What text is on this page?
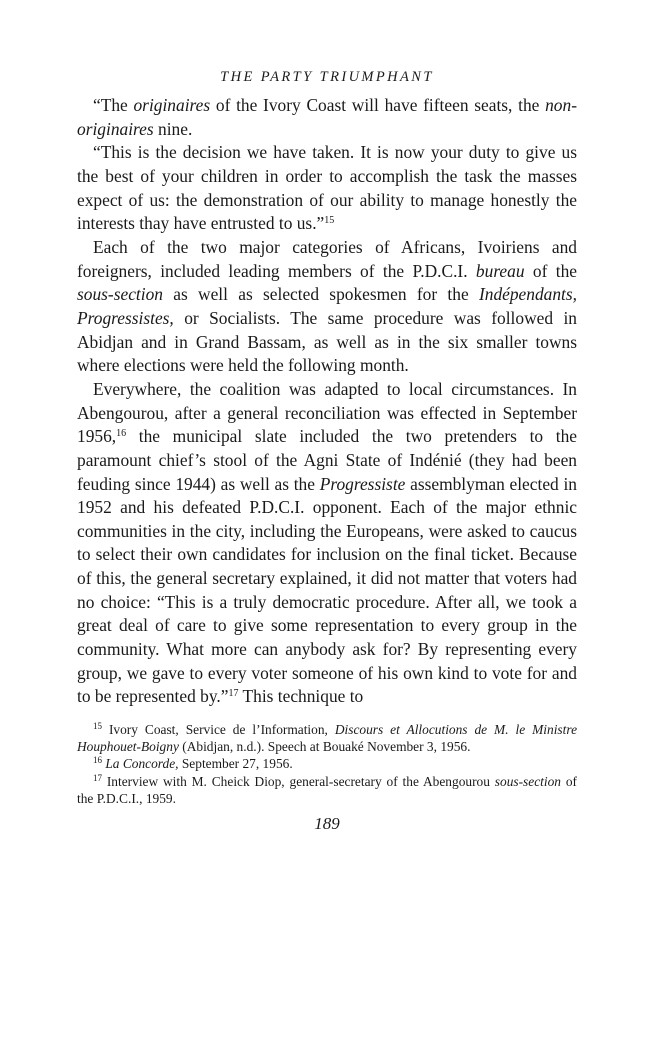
THE PARTY TRIUMPHANT

“The originaires of the Ivory Coast will have fifteen seats, the non-originaires nine.

“This is the decision we have taken. It is now your duty to give us the best of your children in order to accomplish the task the masses expect of us: the demonstration of our ability to manage honestly the interests thay have entrusted to us.”$^{15}$

Each of the two major categories of Africans, Ivoiriens and foreigners, included leading members of the P.D.C.I. bureau of the sous-section as well as selected spokesmen for the Indépendants, Progressistes, or Socialists. The same procedure was followed in Abidjan and in Grand Bassam, as well as in the six smaller towns where elections were held the following month.

Everywhere, the coalition was adapted to local circumstances. In Abengourou, after a general reconciliation was effected in September 1956,16 the municipal slate included the two pretenders to the paramount chief’s stool of the Agni State of Indénié (they had been feuding since 1944) as well as the Progressiste assemblyman elected in 1952 and his defeated P.D.C.I. opponent. Each of the major ethnic communities in the city, including the Europeans, were asked to caucus to select their own candidates for inclusion on the final ticket. Because of this, the general secretary explained, it did not matter that voters had no choice: “This is a truly democratic procedure. After all, we took a great deal of care to give some representation to every group in the community. What more can anybody ask for? By representing every group, we gave to every voter someone of his own kind to vote for and to be represented by.”$^{17}$ This technique to

$^{15}$ Ivory Coast, Service de l’Information, Discours et Allocutions de M. le Ministre Houphouet-Boigny (Abidjan, n.d.). Speech at Bouaké November 3, 1956.

$^{16}$ La Concorde, September 27, 1956.

$^{17}$ Interview with M. Cheick Diop, general-secretary of the Abengourou sous-section of the P.D.C.I., 1959.

189
